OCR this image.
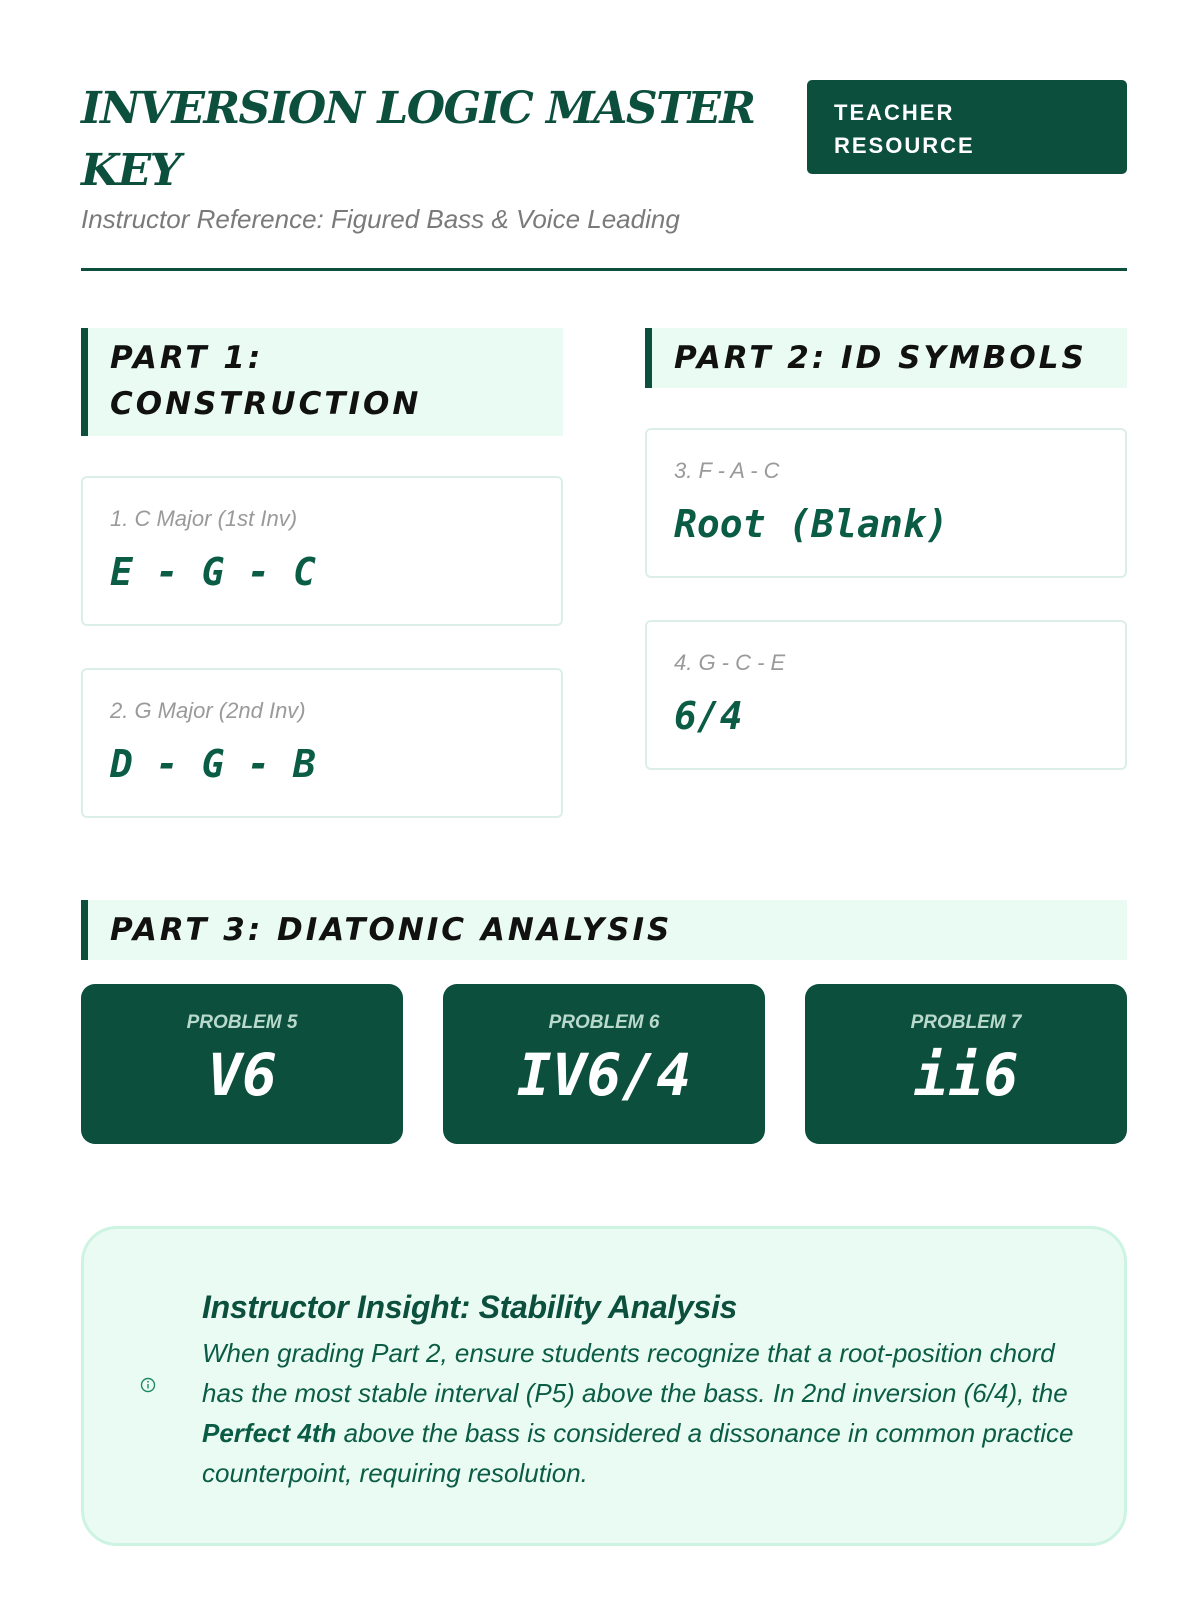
INVERSION LOGIC MASTER KEY
Instructor Reference: Figured Bass & Voice Leading
TEACHER
RESOURCE
PART 1:
CONSTRUCTION
1. C Major (1st Inv)
E - G - C
2. G Major (2nd Inv)
D - G - B
PART 2: ID SYMBOLS
3. F - A - C
Root (Blank)
4. G - C - E
6/4
PART 3: DIATONIC ANALYSIS
PROBLEM 5
V6
PROBLEM 6
IV6/4
PROBLEM 7
ii6
Instructor Insight: Stability Analysis

When grading Part 2, ensure students recognize that a root-position chord has the most stable interval (P5) above the bass. In 2nd inversion (6/4), the Perfect 4th above the bass is considered a dissonance in common practice counterpoint, requiring resolution.
